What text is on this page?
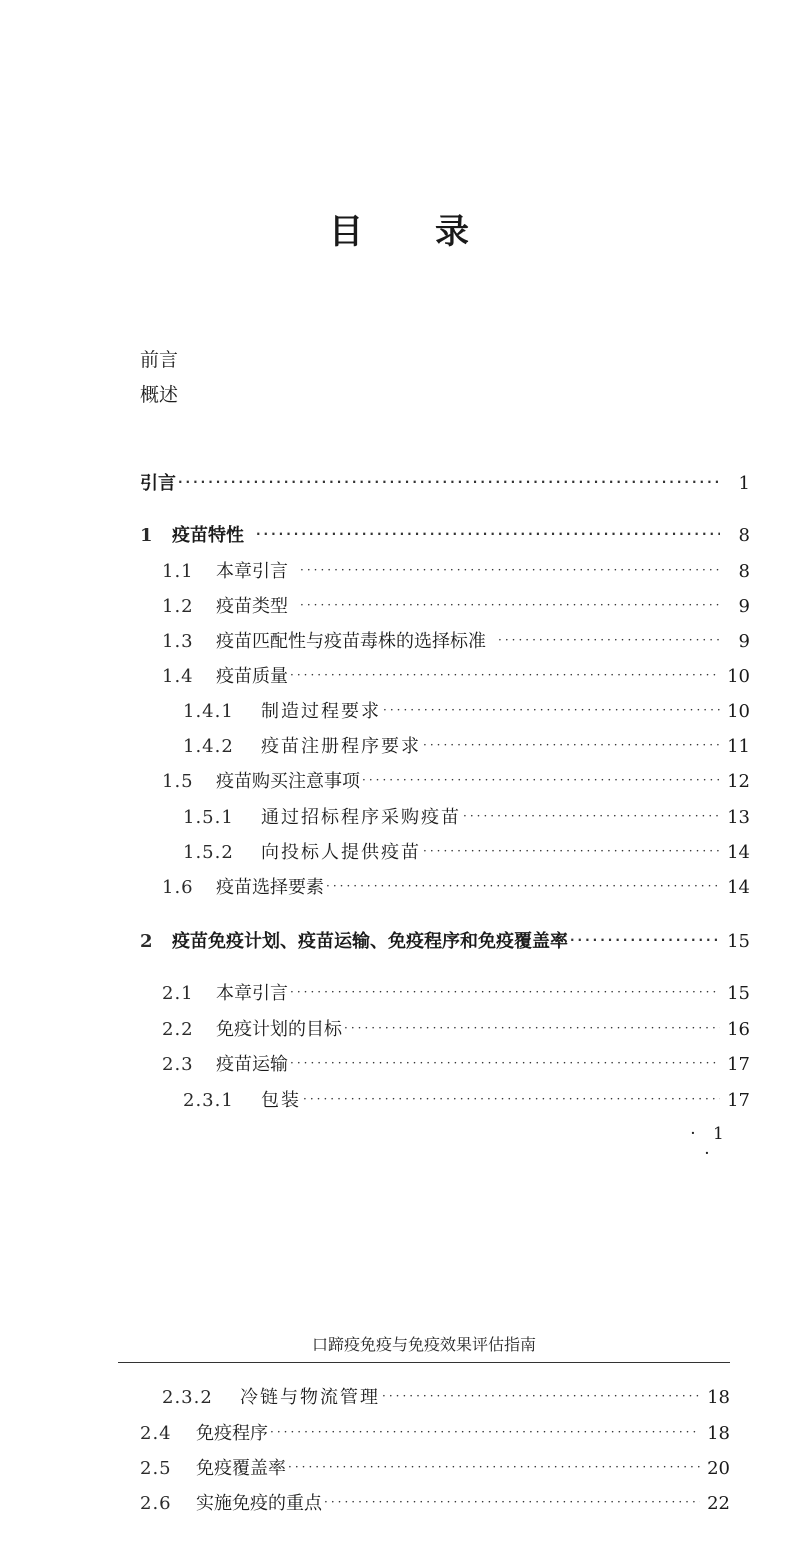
目 录
前言
概述
引言 ·····	1
1	疫苗特性 ·····	8
1.1	本章引言 ·····	8
1.2	疫苗类型 ·····	9
1.3	疫苗匹配性与疫苗毒株的选择标准 ·····	9
1.4	疫苗质量 ·····	10
1.4.1	制造过程要求 ·····	10
1.4.2	疫苗注册程序要求 ·····	11
1.5	疫苗购买注意事项 ·····	12
1.5.1	通过招标程序采购疫苗 ·····	13
1.5.2	向投标人提供疫苗 ·····	14
1.6	疫苗选择要素 ·····	14
2	疫苗免疫计划、疫苗运输、免疫程序和免疫覆盖率 ·····	15
2.1	本章引言 ·····	15
2.2	免疫计划的目标 ·····	16
2.3	疫苗运输 ·····	17
2.3.1	包装 ·····	17
· 1 ·
口蹄疫免疫与免疫效果评估指南
2.3.2	冷链与物流管理 ·····	18
2.4	免疫程序 ·····	18
2.5	免疫覆盖率 ·····	20
2.6	实施免疫的重点 ·····	22
